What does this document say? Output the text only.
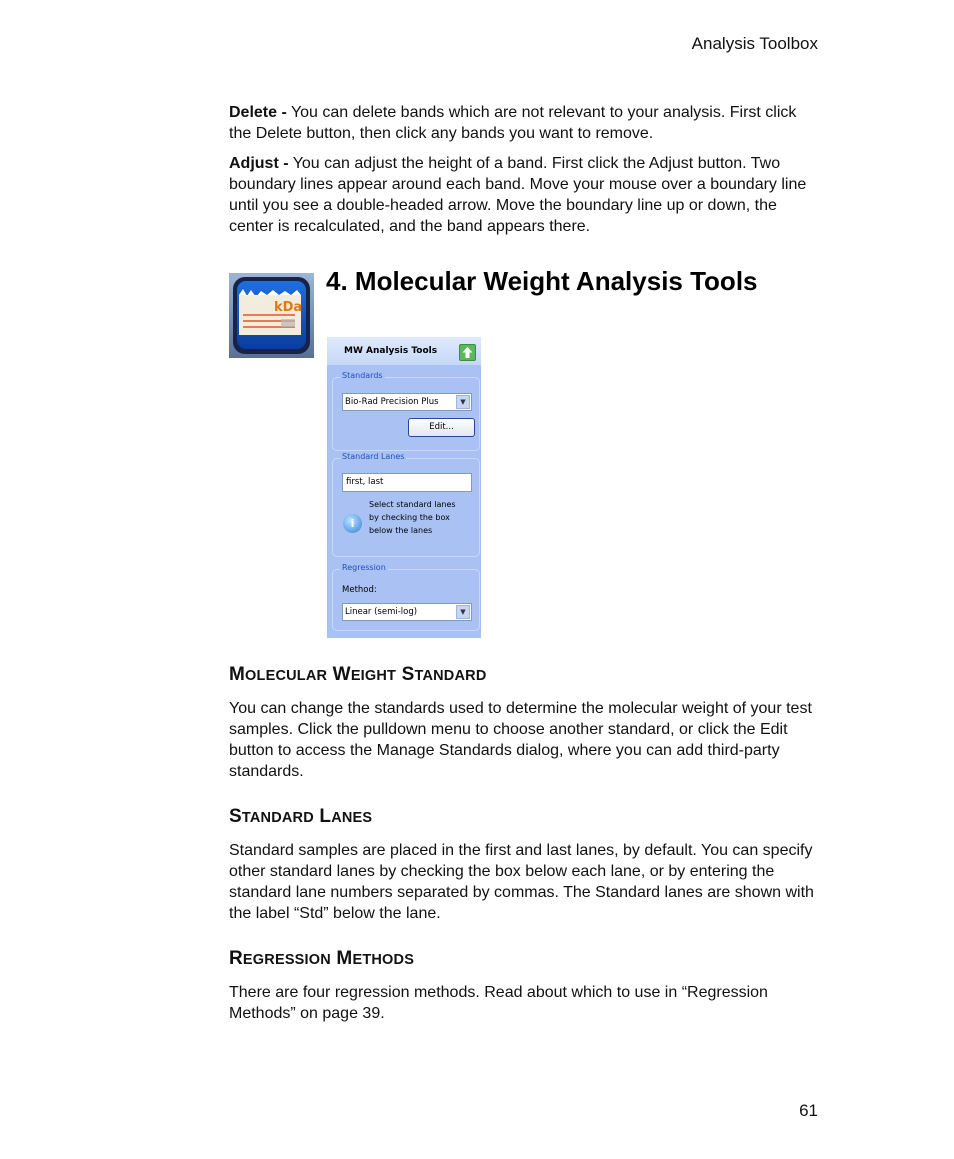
Analysis Toolbox

Delete - You can delete bands which are not relevant to your analysis. First click the Delete button, then click any bands you want to remove.

Adjust - You can adjust the height of a band. First click the Adjust button. Two boundary lines appear around each band. Move your mouse over a boundary line until you see a double-headed arrow. Move the boundary line up or down, the center is recalculated, and the band appears there.

kDa
4. Molecular Weight Analysis Tools
MW Analysis Tools
Standards
Bio-Rad Precision Plus	▼
Edit...
Standard Lanes
first, last
i
Select standard lanes by checking the box below the lanes
Regression
Method:
Linear (semi-log)	▼
MOLECULAR WEIGHT STANDARD

You can change the standards used to determine the molecular weight of your test samples. Click the pulldown menu to choose another standard, or click the Edit button to access the Manage Standards dialog, where you can add third-party standards.

STANDARD LANES

Standard samples are placed in the first and last lanes, by default. You can specify other standard lanes by checking the box below each lane, or by entering the standard lane numbers separated by commas. The Standard lanes are shown with the label “Std” below the lane.

REGRESSION METHODS

There are four regression methods. Read about which to use in “Regression Methods” on page 39.

61
